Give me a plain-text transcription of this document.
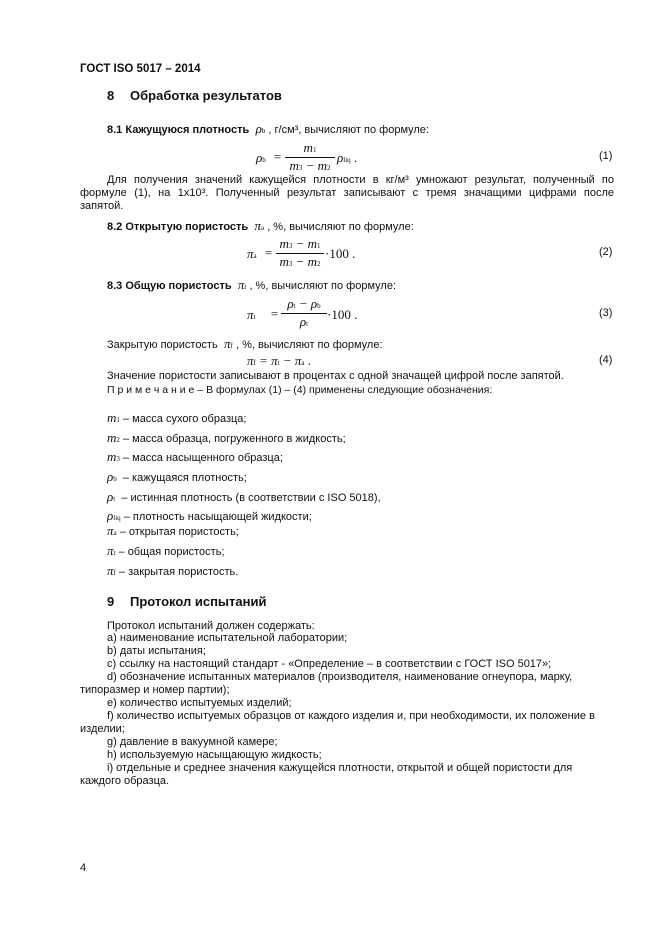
ГОСТ ISO 5017 – 2014
8 Обработка результатов
8.1 Кажущуюся плотность  ρb , г/см³, вычисляют по формуле:
ρb =
m1
m3 − m2
ρliq .	(1)
Для получения значений кажущейся плотности в кг/м³ умножают результат, полученный по
формуле (1), на 1x10³. Полученный результат записывают с тремя значащими цифрами после
запятой.
8.2 Открытую пористость  πa , %, вычисляют по формуле:
πa =
m3 − m1
m3 − m2
·100 .	(2)
8.3 Общую пористость  πt , %, вычисляют по формуле:
πt =
ρt − ρb
ρt
·100 .	(3)
Закрытую пористость  πf , %, вычисляют по формуле:
πf = πt − πa .	(4)
Значение пористости записывают в процентах с одной значащей цифрой после запятой.
П р и м е ч а н и е – В формулах (1) – (4) применены следующие обозначения:
m1 – масса сухого образца;
m2 – масса образца, погруженного в жидкость;
m3 – масса насыщенного образца;
ρb – кажущаяся плотность;
ρt – истинная плотность (в соответствии с ISO 5018),
ρliq – плотность насыщающей жидкости;
πa – открытая пористость;
πt – общая пористость;
πf – закрытая пористость.
9 Протокол испытаний
Протокол испытаний должен содержать:
а) наименование испытательной лаборатории;
b) даты испытания;
с) ссылку на настоящий стандарт - «Определение – в соответствии с ГОСТ ISO 5017»;
d) обозначение испытанных материалов (производителя, наименование огнеупора, марку,
типоразмер и номер партии);
е) количество испытуемых изделий;
f) количество испытуемых образцов от каждого изделия и, при необходимости, их положение в
изделии;
g) давление в вакуумной камере;
h) используемую насыщающую жидкость;
i) отдельные и среднее значения кажущейся плотности, открытой и общей пористости для
каждого образца.
4
